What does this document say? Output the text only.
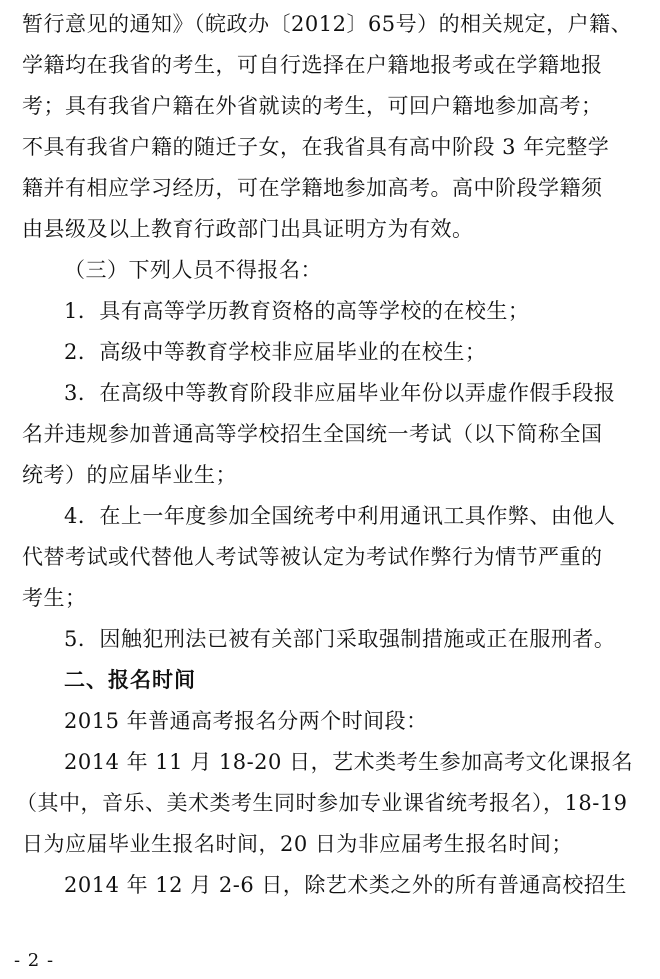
暂行意见的通知》（皖政办〔2012〕65号）的相关规定，户籍、
学籍均在我省的考生，可自行选择在户籍地报考或在学籍地报
考；具有我省户籍在外省就读的考生，可回户籍地参加高考；
不具有我省户籍的随迁子女，在我省具有高中阶段 3 年完整学
籍并有相应学习经历，可在学籍地参加高考。高中阶段学籍须
由县级及以上教育行政部门出具证明方为有效。
（三）下列人员不得报名：
1．具有高等学历教育资格的高等学校的在校生；
2．高级中等教育学校非应届毕业的在校生；
3．在高级中等教育阶段非应届毕业年份以弄虚作假手段报
名并违规参加普通高等学校招生全国统一考试（以下简称全国
统考）的应届毕业生；
4．在上一年度参加全国统考中利用通讯工具作弊、由他人
代替考试或代替他人考试等被认定为考试作弊行为情节严重的
考生；
5．因触犯刑法已被有关部门采取强制措施或正在服刑者。
二、报名时间
2015 年普通高考报名分两个时间段：
2014 年 11 月 18-20 日，艺术类考生参加高考文化课报名
（其中，音乐、美术类考生同时参加专业课省统考报名），18-19
日为应届毕业生报名时间，20 日为非应届考生报名时间；
2014 年 12 月 2-6 日，除艺术类之外的所有普通高校招生
- 2 -
